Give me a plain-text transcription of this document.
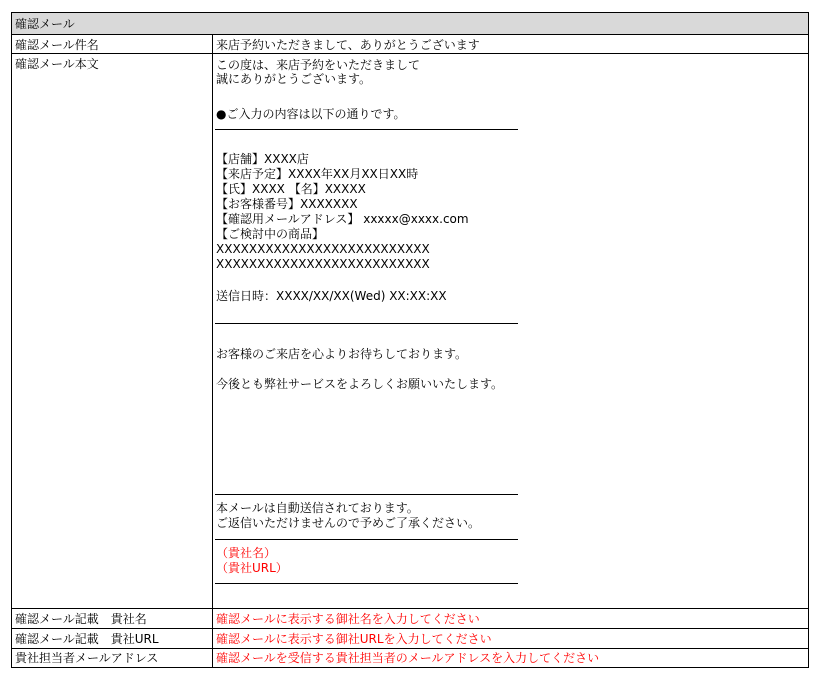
確認メール
確認メール件名	来店予約いただきまして、ありがとうございます
確認メール本文	この度は、来店予約をいただきまして
誠にありがとうございます。
●ご入力の内容は以下の通りです。
【店舗】XXXX店
【来店予定】XXXX年XX月XX日XX時
【氏】XXXX 【名】XXXXX
【お客様番号】XXXXXXX
【確認用メールアドレス】 xxxxx@xxxx.com
【ご検討中の商品】
XXXXXXXXXXXXXXXXXXXXXXXXXX
XXXXXXXXXXXXXXXXXXXXXXXXXX
送信日時：XXXX/XX/XX(Wed) XX:XX:XX
お客様のご来店を心よりお待ちしております。
今後とも弊社サービスをよろしくお願いいたします。
本メールは自動送信されております。
ご返信いただけませんので予めご了承ください。
（貴社名）
（貴社URL）
確認メール記載　貴社名	確認メールに表示する御社名を入力してください
確認メール記載　貴社URL	確認メールに表示する御社URLを入力してください
貴社担当者メールアドレス	確認メールを受信する貴社担当者のメールアドレスを入力してください
